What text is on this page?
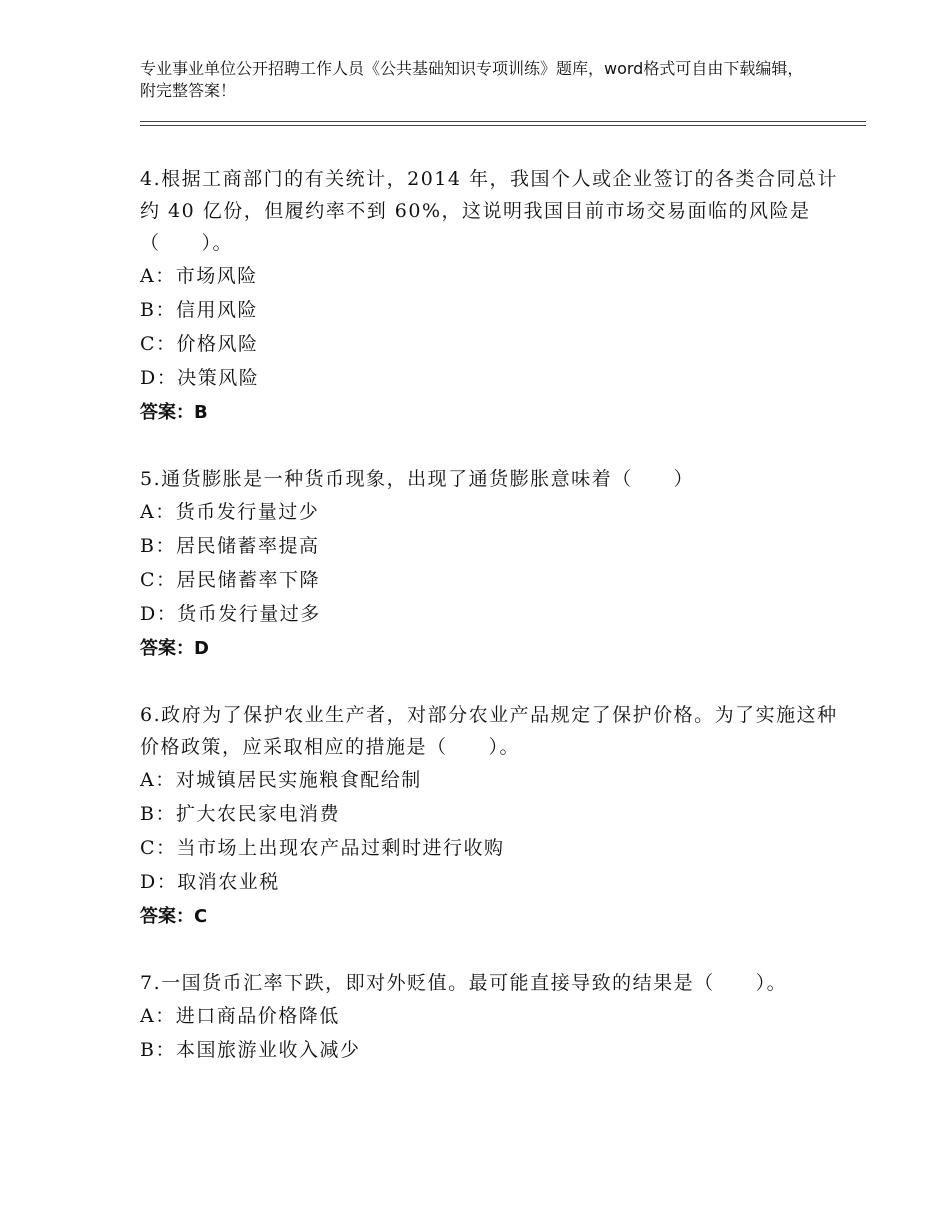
专业事业单位公开招聘工作人员《公共基础知识专项训练》题库，word格式可自由下载编辑，附完整答案！

4.根据工商部门的有关统计，2014 年，我国个人或企业签订的各类合同总计约 40 亿份，但履约率不到 60%，这说明我国目前市场交易面临的风险是（　　）。

A：市场风险

B：信用风险

C：价格风险

D：决策风险

答案：B

5.通货膨胀是一种货币现象，出现了通货膨胀意味着（　　）

A：货币发行量过少

B：居民储蓄率提高

C：居民储蓄率下降

D：货币发行量过多

答案：D

6.政府为了保护农业生产者，对部分农业产品规定了保护价格。为了实施这种价格政策，应采取相应的措施是（　　）。

A：对城镇居民实施粮食配给制

B：扩大农民家电消费

C：当市场上出现农产品过剩时进行收购

D：取消农业税

答案：C

7.一国货币汇率下跌，即对外贬值。最可能直接导致的结果是（　　）。

A：进口商品价格降低

B：本国旅游业收入减少
